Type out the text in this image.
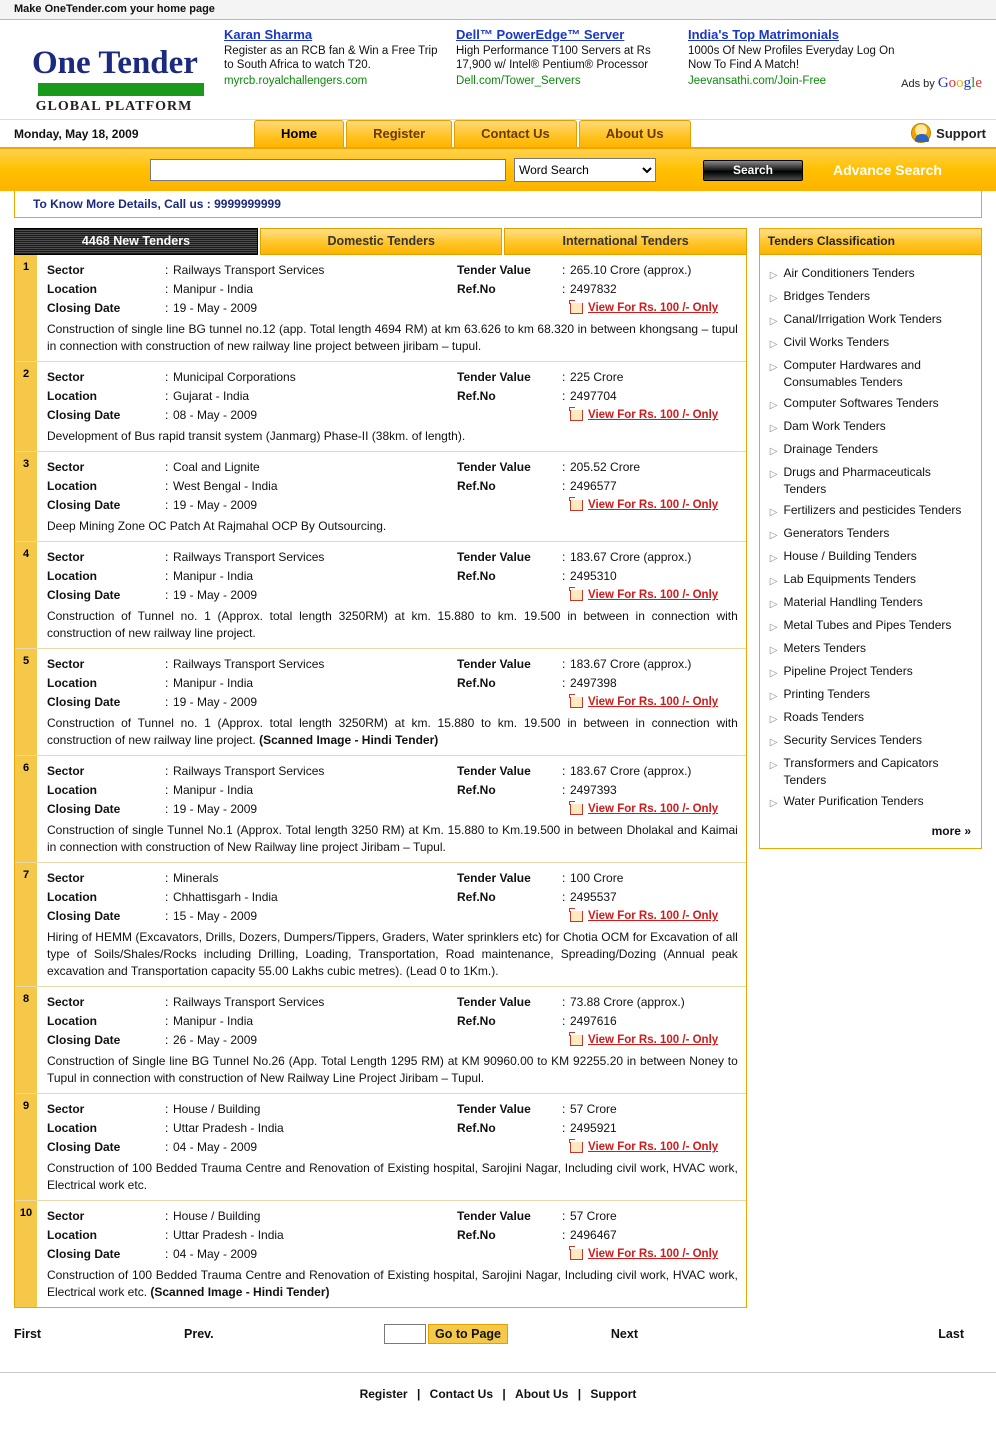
Make OneTender.com your home page
One Tender
GLOBAL PLATFORM
Karan Sharma
Register as an RCB fan & Win a Free Trip to South Africa to watch T20.
myrcb.royalchallengers.com
Dell™ PowerEdge™ Server
High Performance T100 Servers at Rs 17,900 w/ Intel® Pentium® Processor
Dell.com/Tower_Servers
India's Top Matrimonials
1000s Of New Profiles Everyday Log On Now To Find A Match!
Jeevansathi.com/Join-Free	Ads by Google
Monday, May 18, 2009	Home	Register	Contact Us	About Us	Support
Word Search
Search	Advance Search
To Know More Details, Call us : 9999999999
4468 New Tenders	Domestic Tenders	International Tenders
1	Sector	: Railways Transport Services
Location	: Manipur - India
Closing Date	: 19 - May - 2009
Tender Value	: 265.10 Crore (approx.)
Ref.No	: 2497832
View For Rs. 100 /- Only
Construction of single line BG tunnel no.12 (app. Total length 4694 RM) at km 63.626 to km 68.320 in between khongsang – tupul in connection with construction of new railway line project between jiribam – tupul.
2	Sector	: Municipal Corporations
Location	: Gujarat - India
Closing Date	: 08 - May - 2009
Tender Value	: 225 Crore
Ref.No	: 2497704
View For Rs. 100 /- Only
Development of Bus rapid transit system (Janmarg) Phase-II (38km. of length).
3	Sector	: Coal and Lignite
Location	: West Bengal - India
Closing Date	: 19 - May - 2009
Tender Value	: 205.52 Crore
Ref.No	: 2496577
View For Rs. 100 /- Only
Deep Mining Zone OC Patch At Rajmahal OCP By Outsourcing.
4	Sector	: Railways Transport Services
Location	: Manipur - India
Closing Date	: 19 - May - 2009
Tender Value	: 183.67 Crore (approx.)
Ref.No	: 2495310
View For Rs. 100 /- Only
Construction of Tunnel no. 1 (Approx. total length 3250RM) at km. 15.880 to km. 19.500 in between in connection with construction of new railway line project.
5	Sector	: Railways Transport Services
Location	: Manipur - India
Closing Date	: 19 - May - 2009
Tender Value	: 183.67 Crore (approx.)
Ref.No	: 2497398
View For Rs. 100 /- Only
Construction of Tunnel no. 1 (Approx. total length 3250RM) at km. 15.880 to km. 19.500 in between in connection with construction of new railway line project. (Scanned Image - Hindi Tender)
6	Sector	: Railways Transport Services
Location	: Manipur - India
Closing Date	: 19 - May - 2009
Tender Value	: 183.67 Crore (approx.)
Ref.No	: 2497393
View For Rs. 100 /- Only
Construction of single Tunnel No.1 (Approx. Total length 3250 RM) at Km. 15.880 to Km.19.500 in between Dholakal and Kaimai in connection with construction of New Railway line project Jiribam – Tupul.
7	Sector	: Minerals
Location	: Chhattisgarh - India
Closing Date	: 15 - May - 2009
Tender Value	: 100 Crore
Ref.No	: 2495537
View For Rs. 100 /- Only
Hiring of HEMM (Excavators, Drills, Dozers, Dumpers/Tippers, Graders, Water sprinklers etc) for Chotia OCM for Excavation of all type of Soils/Shales/Rocks including Drilling, Loading, Transportation, Road maintenance, Spreading/Dozing (Annual peak excavation and Transportation capacity 55.00 Lakhs cubic metres). (Lead 0 to 1Km.).
8	Sector	: Railways Transport Services
Location	: Manipur - India
Closing Date	: 26 - May - 2009
Tender Value	: 73.88 Crore (approx.)
Ref.No	: 2497616
View For Rs. 100 /- Only
Construction of Single line BG Tunnel No.26 (App. Total Length 1295 RM) at KM 90960.00 to KM 92255.20 in between Noney to Tupul in connection with construction of New Railway Line Project Jiribam – Tupul.
9	Sector	: House / Building
Location	: Uttar Pradesh - India
Closing Date	: 04 - May - 2009
Tender Value	: 57 Crore
Ref.No	: 2495921
View For Rs. 100 /- Only
Construction of 100 Bedded Trauma Centre and Renovation of Existing hospital, Sarojini Nagar, Including civil work, HVAC work, Electrical work etc.
10	Sector	: House / Building
Location	: Uttar Pradesh - India
Closing Date	: 04 - May - 2009
Tender Value	: 57 Crore
Ref.No	: 2496467
View For Rs. 100 /- Only
Construction of 100 Bedded Trauma Centre and Renovation of Existing hospital, Sarojini Nagar, Including civil work, HVAC work, Electrical work etc. (Scanned Image - Hindi Tender)
Tenders Classification
▷ Air Conditioners Tenders
▷ Bridges Tenders
▷ Canal/Irrigation Work Tenders
▷ Civil Works Tenders
▷ Computer Hardwares and Consumables Tenders
▷ Computer Softwares Tenders
▷ Dam Work Tenders
▷ Drainage Tenders
▷ Drugs and Pharmaceuticals Tenders
▷ Fertilizers and pesticides Tenders
▷ Generators Tenders
▷ House / Building Tenders
▷ Lab Equipments Tenders
▷ Material Handling Tenders
▷ Metal Tubes and Pipes Tenders
▷ Meters Tenders
▷ Pipeline Project Tenders
▷ Printing Tenders
▷ Roads Tenders
▷ Security Services Tenders
▷ Transformers and Capicators Tenders
▷ Water Purification Tenders
more »
First	Prev.	Go to Page	Next	Last
Register | Contact Us | About Us | Support
